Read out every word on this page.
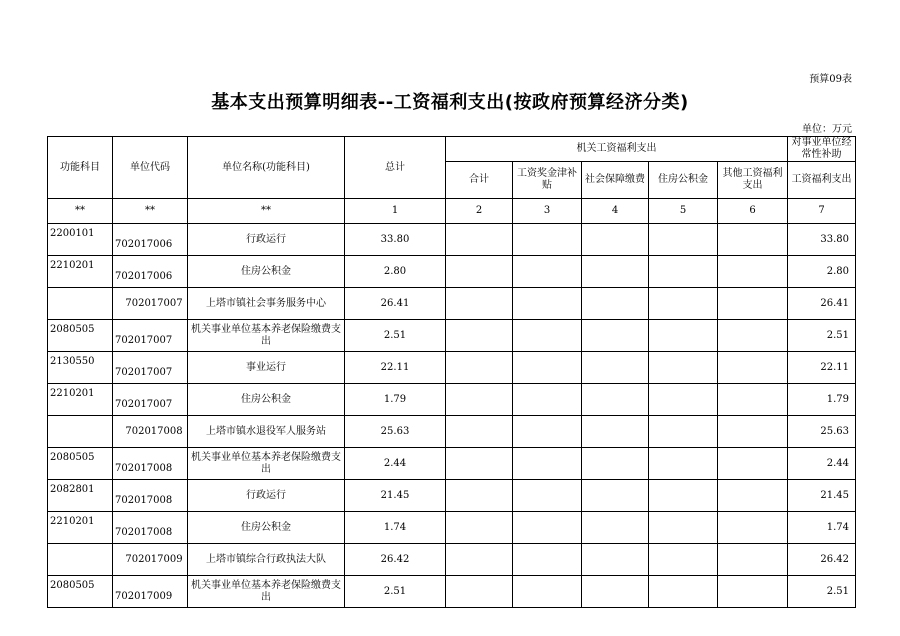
预算09表
基本支出预算明细表--工资福利支出(按政府预算经济分类)
单位：万元
功能科目	单位代码	单位名称(功能科目)	总计	机关工资福利支出					对事业单位经常性补助
				合计	工资奖金津补贴	社会保障缴费	住房公积金	其他工资福利支出	工资福利支出
**	**	**	1	2	3	4	5	6	7
2200101	702017006	行政运行	33.80						33.80
2210201	702017006	住房公积金	2.80						2.80
	702017007	上塔市镇社会事务服务中心	26.41						26.41
2080505	702017007	机关事业单位基本养老保险缴费支出	2.51						2.51
2130550	702017007	事业运行	22.11						22.11
2210201	702017007	住房公积金	1.79						1.79
	702017008	上塔市镇水退役军人服务站	25.63						25.63
2080505	702017008	机关事业单位基本养老保险缴费支出	2.44						2.44
2082801	702017008	行政运行	21.45						21.45
2210201	702017008	住房公积金	1.74						1.74
	702017009	上塔市镇综合行政执法大队	26.42						26.42
2080505	702017009	机关事业单位基本养老保险缴费支出	2.51						2.51
